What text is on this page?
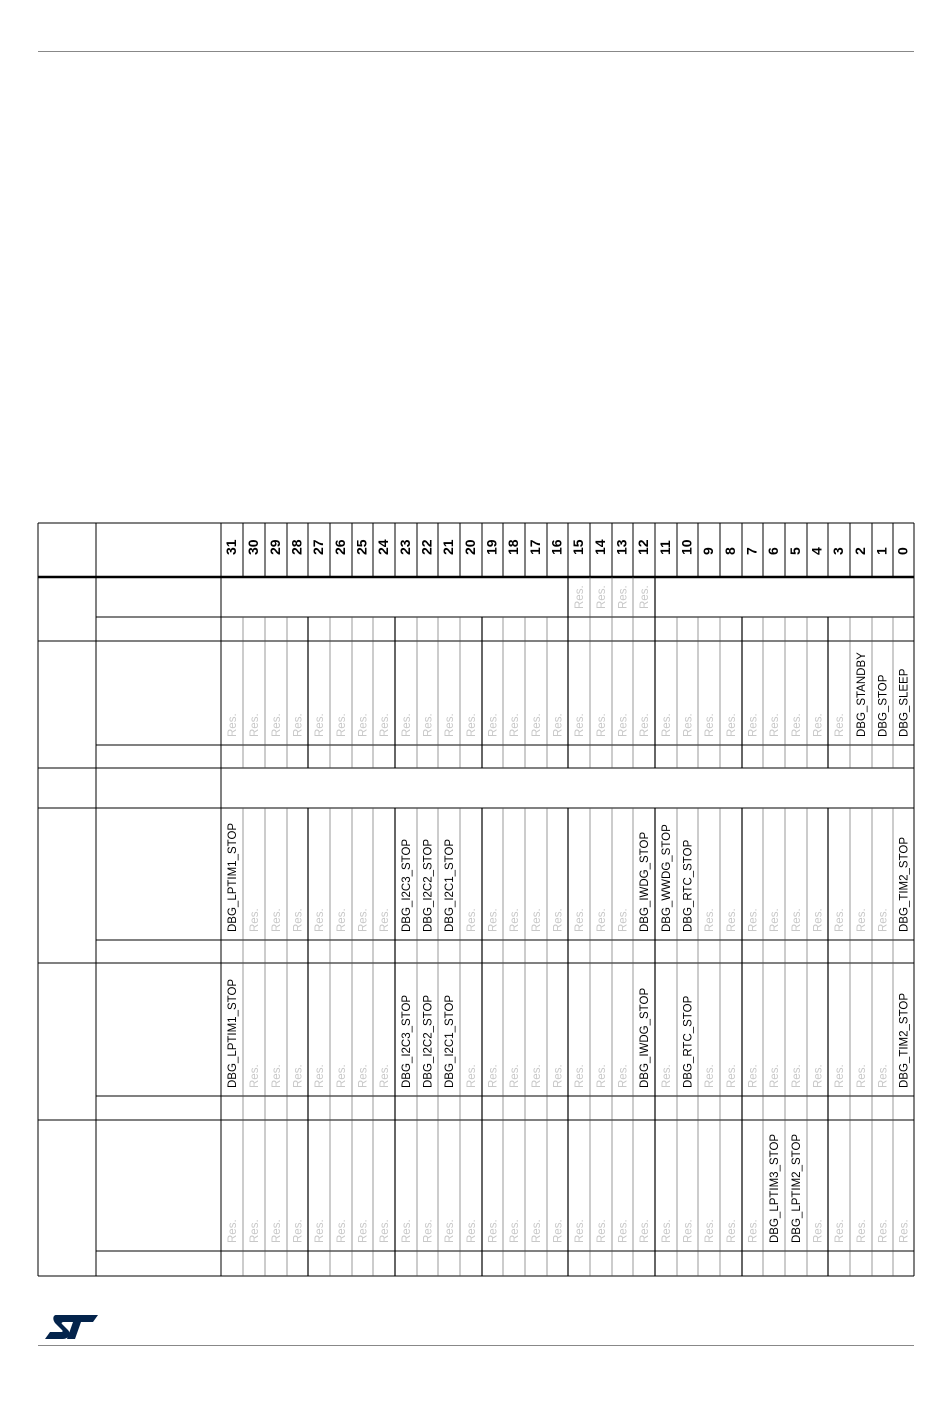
31 30 29 28 27 26 25 24 23 22 21 20 19 18 17 16 15 14 13 12 11 10 9 8 7 6 5 4 3 2 1 0
Res. Res. Res. Res.
Res. Res. Res. Res. Res. Res. Res. Res. Res. Res. Res. Res. Res. Res. Res. Res. Res. Res. Res. Res. Res. Res. Res. Res. Res. Res. Res. Res. Res. DBG_STANDBY DBG_STOP DBG_SLEEP
DBG_LPTIM1_STOP Res. Res. Res. Res. Res. Res. Res. DBG_I2C3_STOP DBG_I2C2_STOP DBG_I2C1_STOP Res. Res. Res. Res. Res. Res. Res. Res. DBG_IWDG_STOP DBG_WWDG_STOP DBG_RTC_STOP Res. Res. Res. Res. Res. Res. Res. Res. Res. DBG_TIM2_STOP
DBG_LPTIM1_STOP Res. Res. Res. Res. Res. Res. Res. DBG_I2C3_STOP DBG_I2C2_STOP DBG_I2C1_STOP Res. Res. Res. Res. Res. Res. Res. Res. DBG_IWDG_STOP Res. DBG_RTC_STOP Res. Res. Res. Res. Res. Res. Res. Res. Res. DBG_TIM2_STOP
Res. Res. Res. Res. Res. Res. Res. Res. Res. Res. Res. Res. Res. Res. Res. Res. Res. Res. Res. Res. Res. Res. Res. Res. Res. DBG_LPTIM3_STOP DBG_LPTIM2_STOP Res. Res. Res. Res. Res.
